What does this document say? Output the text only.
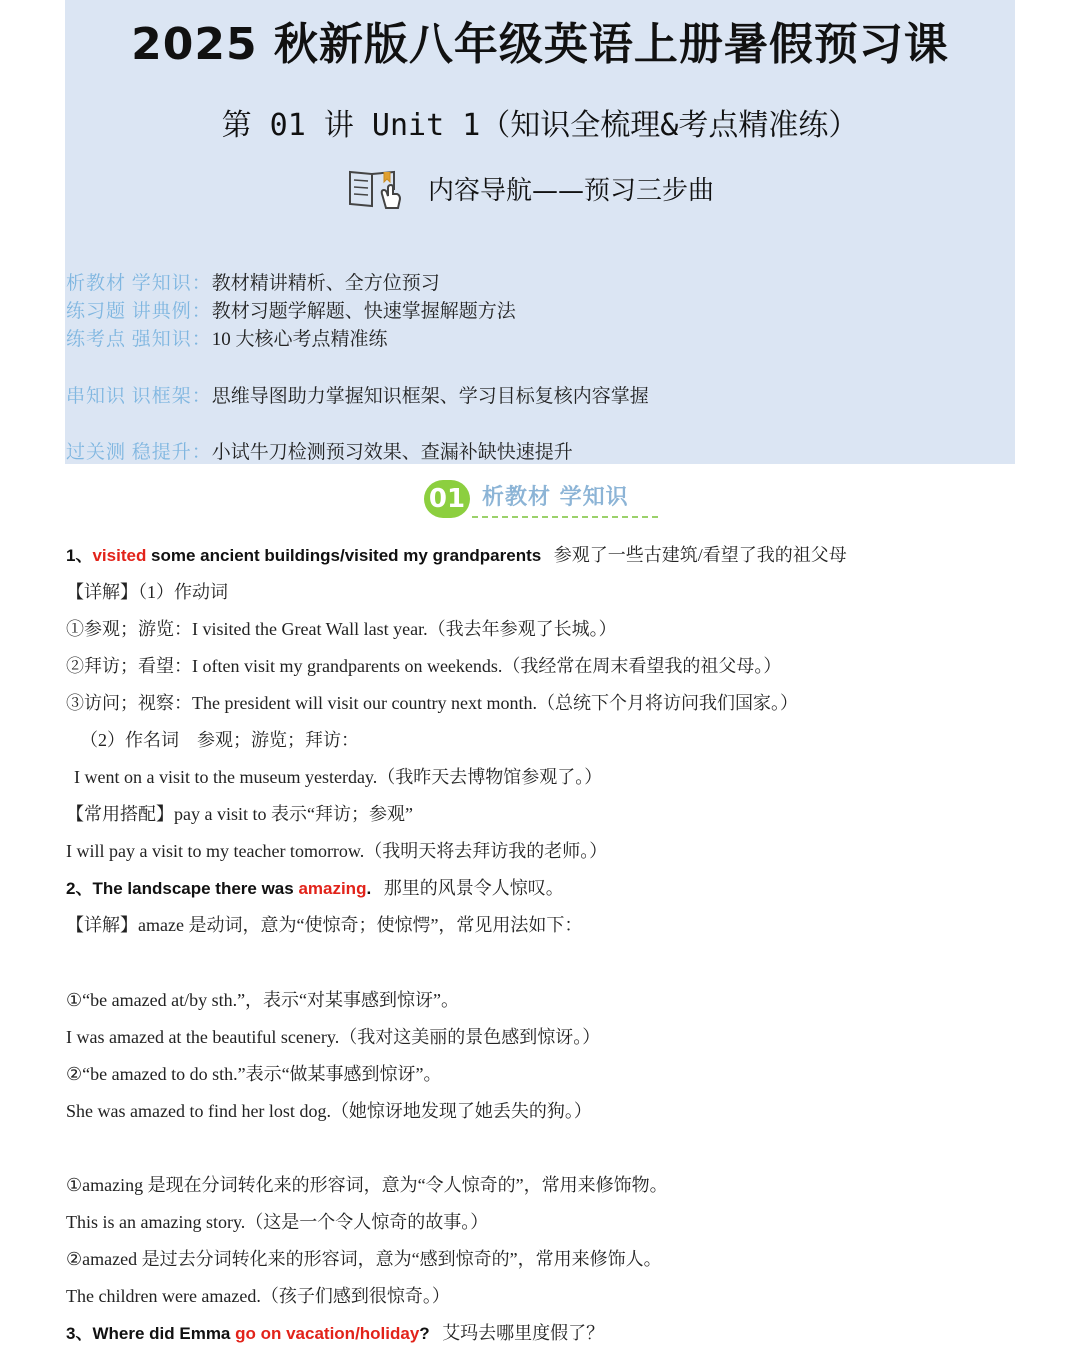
2025 秋新版八年级英语上册暑假预习课
第 01 讲 Unit 1（知识全梳理&考点精准练）
内容导航——预习三步曲
析教材 学知识：教材精讲精析、全方位预习
练习题 讲典例：教材习题学解题、快速掌握解题方法
练考点 强知识：10 大核心考点精准练
串知识 识框架：思维导图助力掌握知识框架、学习目标复核内容掌握
过关测 稳提升：小试牛刀检测预习效果、查漏补缺快速提升
01 析教材 学知识
1、visited some ancient buildings/visited my grandparents 参观了一些古建筑/看望了我的祖父母
【详解】（1）作动词
①参观；游览：I visited the Great Wall last year.（我去年参观了长城。）
②拜访；看望：I often visit my grandparents on weekends.（我经常在周末看望我的祖父母。）
③访问；视察：The president will visit our country next month.（总统下个月将访问我们国家。）
（2）作名词　参观；游览；拜访：
I went on a visit to the museum yesterday.（我昨天去博物馆参观了。）
【常用搭配】pay a visit to 表示“拜访；参观”
I will pay a visit to my teacher tomorrow.（我明天将去拜访我的老师。）
2、The landscape there was amazing. 那里的风景令人惊叹。
【详解】amaze 是动词，意为“使惊奇；使惊愕”，常见用法如下：
①“be amazed at/by sth.”，表示“对某事感到惊讶”。
I was amazed at the beautiful scenery.（我对这美丽的景色感到惊讶。）
②“be amazed to do sth.”表示“做某事感到惊讶”。
She was amazed to find her lost dog.（她惊讶地发现了她丢失的狗。）
①amazing 是现在分词转化来的形容词，意为“令人惊奇的”，常用来修饰物。
This is an amazing story.（这是一个令人惊奇的故事。）
②amazed 是过去分词转化来的形容词，意为“感到惊奇的”，常用来修饰人。
The children were amazed.（孩子们感到很惊奇。）
3、Where did Emma go on vacation/holiday? 艾玛去哪里度假了？
